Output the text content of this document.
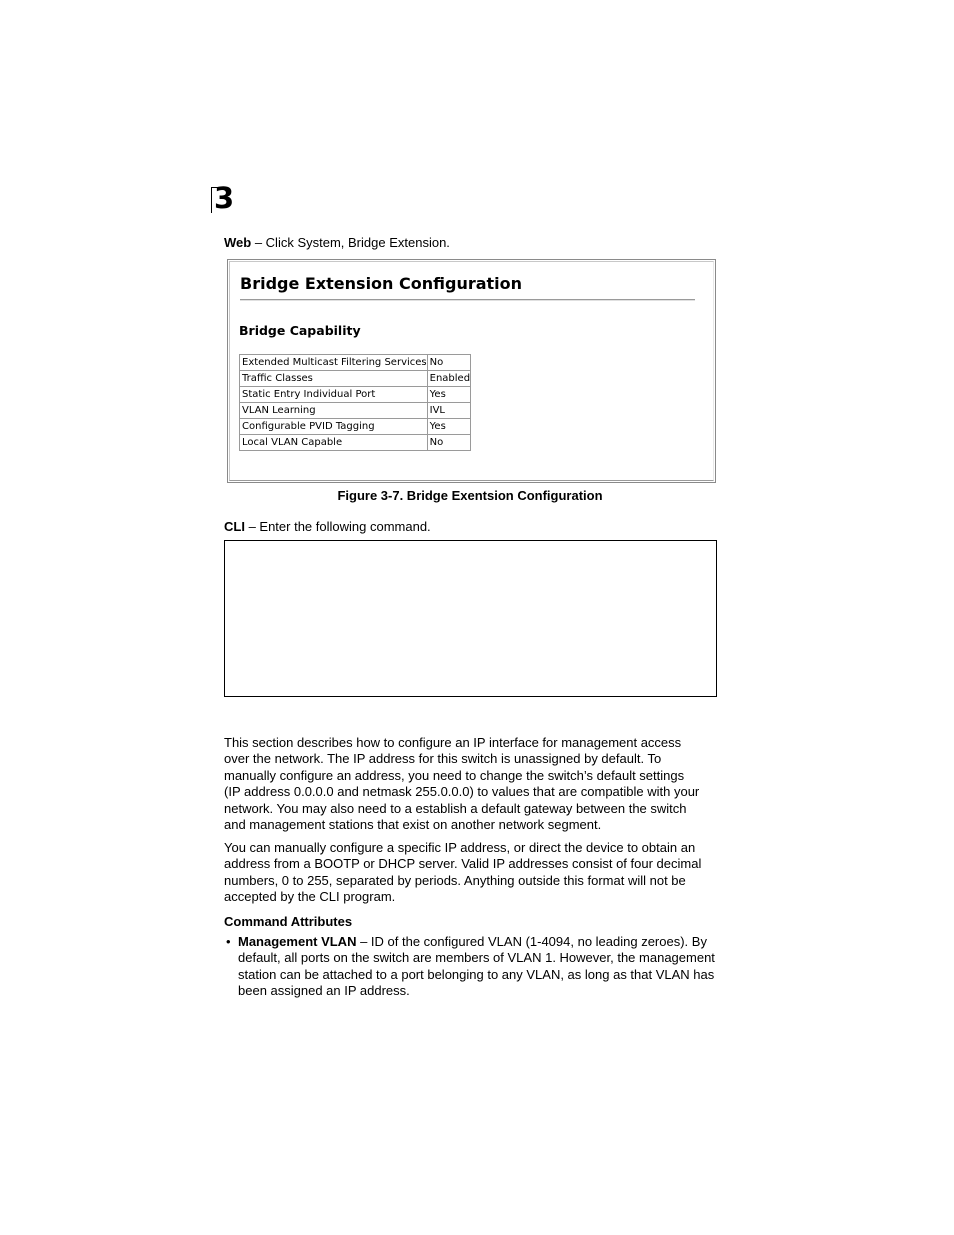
3
Web – Click System, Bridge Extension.
Bridge Extension Configuration
Bridge Capability
Extended Multicast Filtering Services	No
Traffic Classes	Enabled
Static Entry Individual Port	Yes
VLAN Learning	IVL
Configurable PVID Tagging	Yes
Local VLAN Capable	No
Figure 3-7. Bridge Exentsion Configuration
CLI – Enter the following command.
This section describes how to configure an IP interface for management access
over the network. The IP address for this switch is unassigned by default. To
manually configure an address, you need to change the switch’s default settings
(IP address 0.0.0.0 and netmask 255.0.0.0) to values that are compatible with your
network. You may also need to a establish a default gateway between the switch
and management stations that exist on another network segment.
You can manually configure a specific IP address, or direct the device to obtain an
address from a BOOTP or DHCP server. Valid IP addresses consist of four decimal
numbers, 0 to 255, separated by periods. Anything outside this format will not be
accepted by the CLI program.
Command Attributes
• Management VLAN – ID of the configured VLAN (1-4094, no leading zeroes). By
default, all ports on the switch are members of VLAN 1. However, the management
station can be attached to a port belonging to any VLAN, as long as that VLAN has
been assigned an IP address.
